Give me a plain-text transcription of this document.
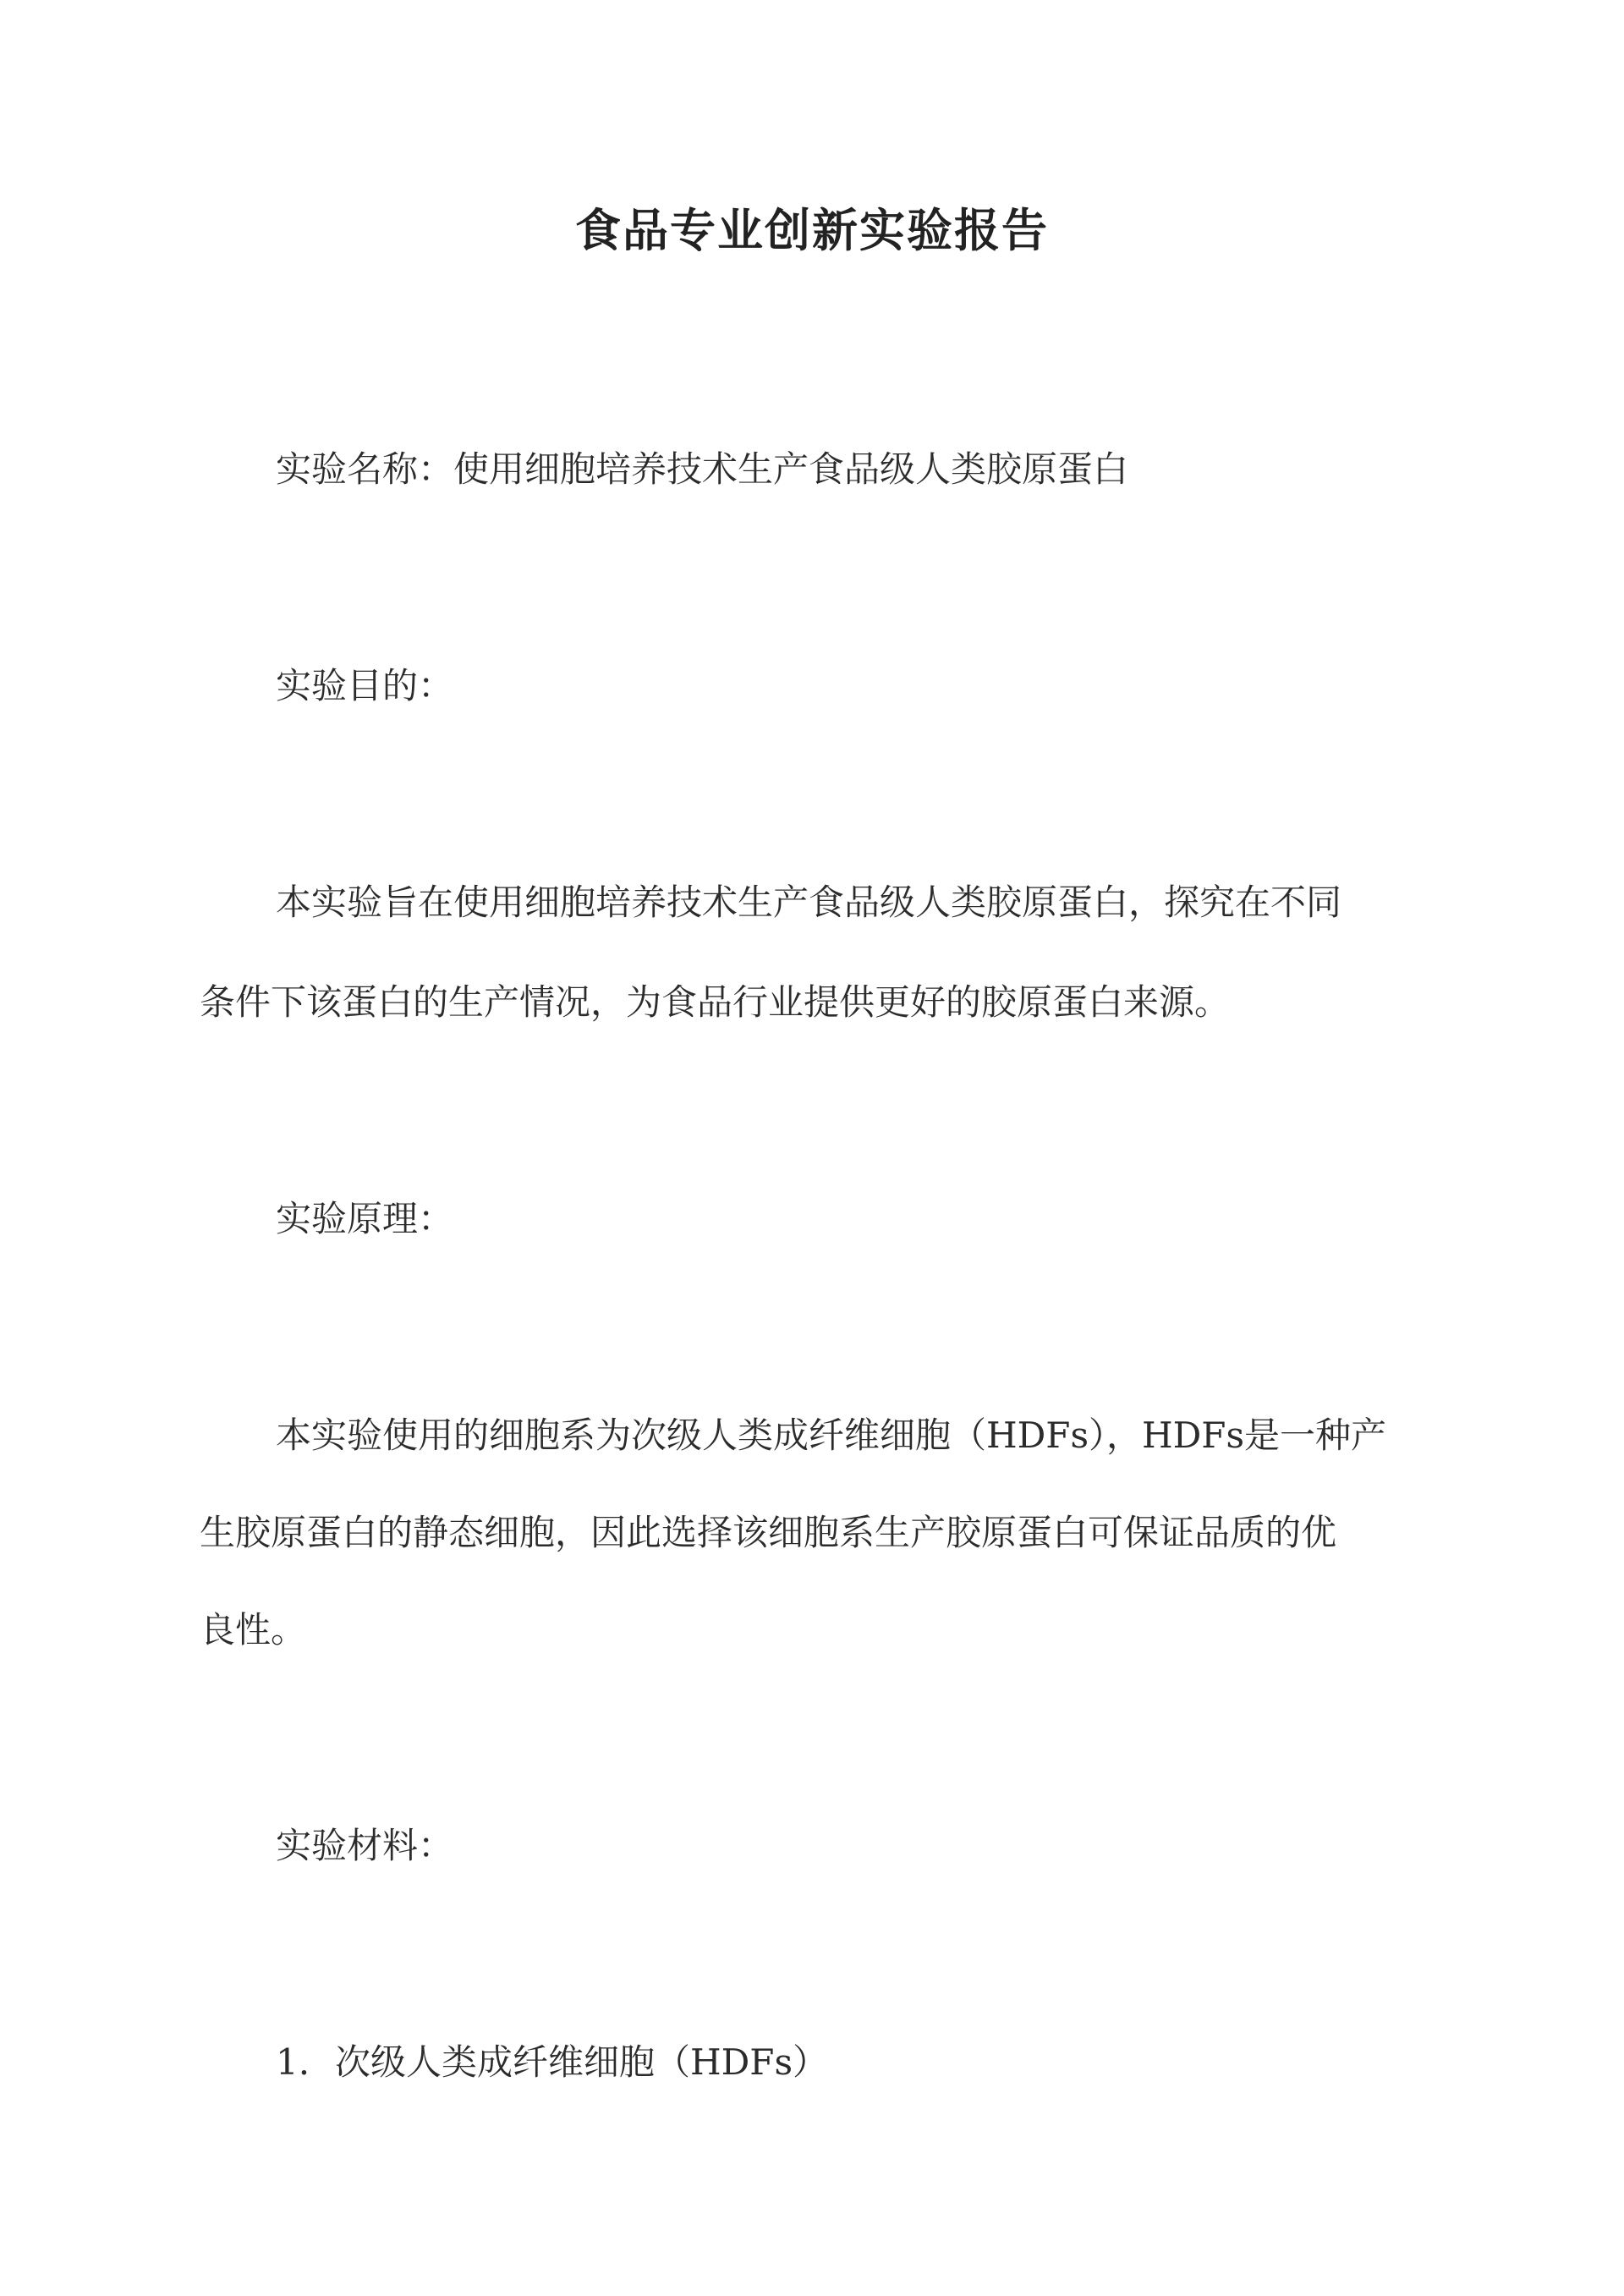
食品专业创新实验报告
实验名称：使用细胞培养技术生产食品级人类胶原蛋白
实验目的：
本实验旨在使用细胞培养技术生产食品级人类胶原蛋白，探究在不同
条件下该蛋白的生产情况，为食品行业提供更好的胶原蛋白来源。
实验原理：
本实验使用的细胞系为次级人类成纤维细胞（HDFs），HDFs是一种产
生胶原蛋白的静态细胞，因此选择该细胞系生产胶原蛋白可保证品质的优
良性。
实验材料：
1. 次级人类成纤维细胞（HDFs）
